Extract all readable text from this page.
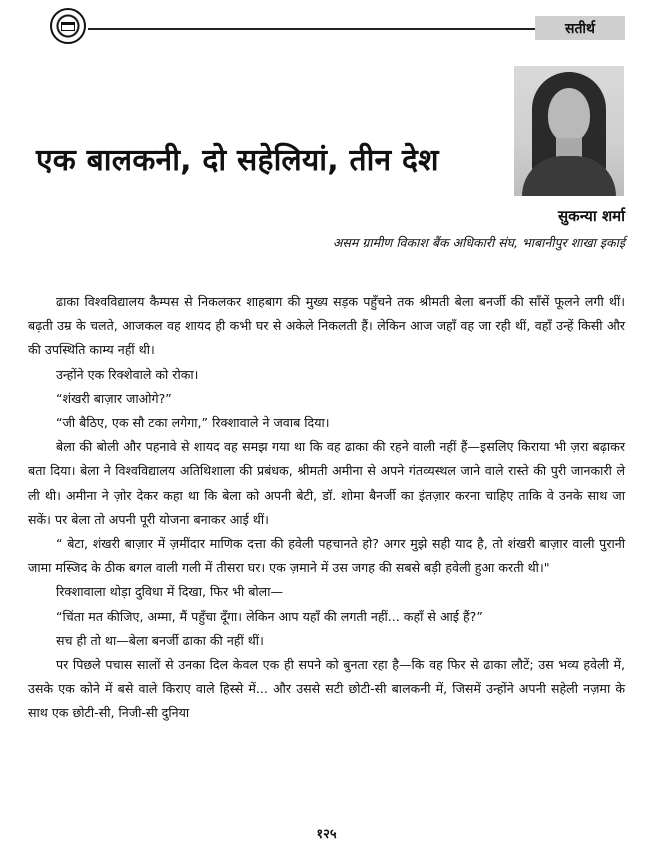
सतीर्थ
एक बालकनी, दो सहेलियां, तीन देश
सुकन्या शर्मा
असम ग्रामीण विकाश बैंक अधिकारी संघ, भाबानीपुर शाखा इकाई

ढाका विश्वविद्यालय कैम्पस से निकलकर शाहबाग की मुख्य सड़क पहुँचने तक श्रीमती बेला बनर्जी की साँसें फूलने लगी थीं। बढ़ती उम्र के चलते, आजकल वह शायद ही कभी घर से अकेले निकलती हैं। लेकिन आज जहाँ वह जा रही थीं, वहाँ उन्हें किसी और की उपस्थिति काम्य नहीं थी।

उन्होंने एक रिक्शेवाले को रोका।

“शंखरी बाज़ार जाओगे?”

“जी बैठिए, एक सौ टका लगेगा,” रिक्शावाले ने जवाब दिया।

बेला की बोली और पहनावे से शायद वह समझ गया था कि वह ढाका की रहने वाली नहीं हैं—इसलिए किराया भी ज़रा बढ़ाकर बता दिया। बेला ने विश्वविद्यालय अतिथिशाला की प्रबंधक, श्रीमती अमीना से अपने गंतव्यस्थल जाने वाले रास्ते की पुरी जानकारी ले ली थी। अमीना ने ज़ोर देकर कहा था कि बेला को अपनी बेटी, डॉ. शोमा बैनर्जी का इंतज़ार करना चाहिए ताकि वे उनके साथ जा सकें। पर बेला तो अपनी पूरी योजना बनाकर आई थीं।

“ बेटा, शंखरी बाज़ार में ज़मींदार माणिक दत्ता की हवेली पहचानते हो? अगर मुझे सही याद है, तो शंखरी बाज़ार वाली पुरानी जामा मस्जिद के ठीक बगल वाली गली में तीसरा घर। एक ज़माने में उस जगह की सबसे बड़ी हवेली हुआ करती थी।"

रिक्शावाला थोड़ा दुविधा में दिखा, फिर भी बोला—

“चिंता मत कीजिए, अम्मा, मैं पहुँचा दूँगा। लेकिन आप यहाँ की लगती नहीं... कहाँ से आई हैं?”

सच ही तो था—बेला बनर्जी ढाका की नहीं थीं।

पर पिछले पचास सालों से उनका दिल केवल एक ही सपने को बुनता रहा है—कि वह फिर से ढाका लौटें; उस भव्य हवेली में, उसके एक कोने में बसे वाले किराए वाले हिस्से में... और उससे सटी छोटी-सी बालकनी में, जिसमें उन्होंने अपनी सहेली नज़मा के साथ एक छोटी-सी, निजी-सी दुनिया

१२५
